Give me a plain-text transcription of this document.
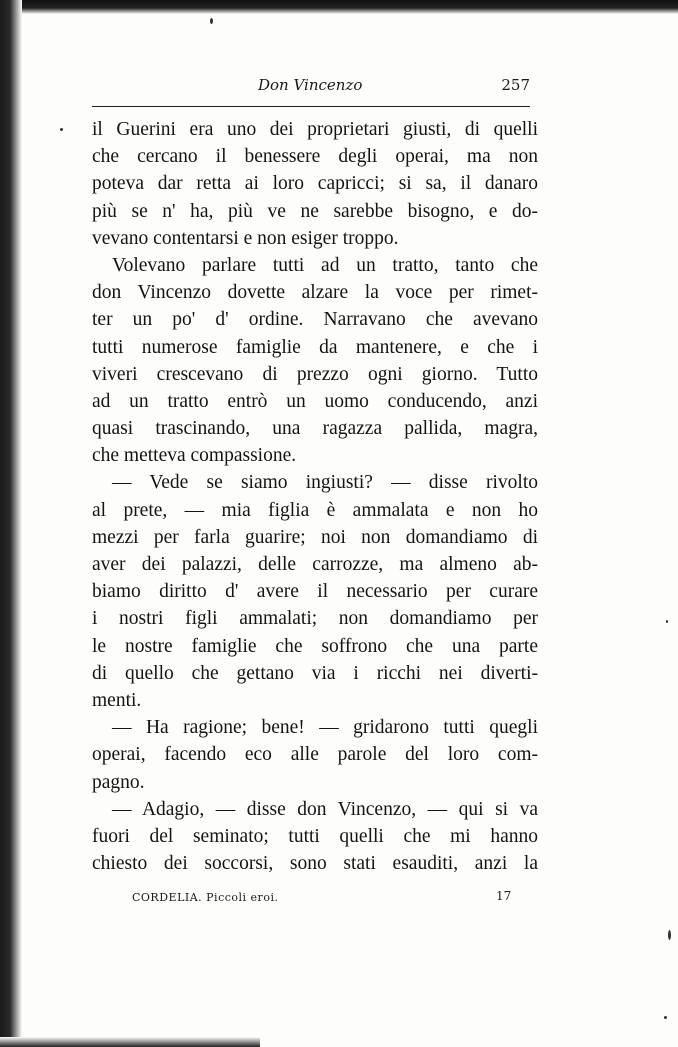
Don Vincenzo	257
il Guerini era uno dei proprietari giusti, di quelli
che cercano il benessere degli operai, ma non
poteva dar retta ai loro capricci; si sa, il danaro
più se n' ha, più ve ne sarebbe bisogno, e do-
vevano contentarsi e non esiger troppo.
Volevano parlare tutti ad un tratto, tanto che
don Vincenzo dovette alzare la voce per rimet-
ter un po' d' ordine. Narravano che avevano
tutti numerose famiglie da mantenere, e che i
viveri crescevano di prezzo ogni giorno. Tutto
ad un tratto entrò un uomo conducendo, anzi
quasi trascinando, una ragazza pallida, magra,
che metteva compassione.
— Vede se siamo ingiusti? — disse rivolto
al prete, — mia figlia è ammalata e non ho
mezzi per farla guarire; noi non domandiamo di
aver dei palazzi, delle carrozze, ma almeno ab-
biamo diritto d' avere il necessario per curare
i nostri figli ammalati; non domandiamo per
le nostre famiglie che soffrono che una parte
di quello che gettano via i ricchi nei diverti-
menti.
— Ha ragione; bene! — gridarono tutti quegli
operai, facendo eco alle parole del loro com-
pagno.
— Adagio, — disse don Vincenzo, — qui si va
fuori del seminato; tutti quelli che mi hanno
chiesto dei soccorsi, sono stati esauditi, anzi la
CORDELIA. Piccoli eroi.	17
